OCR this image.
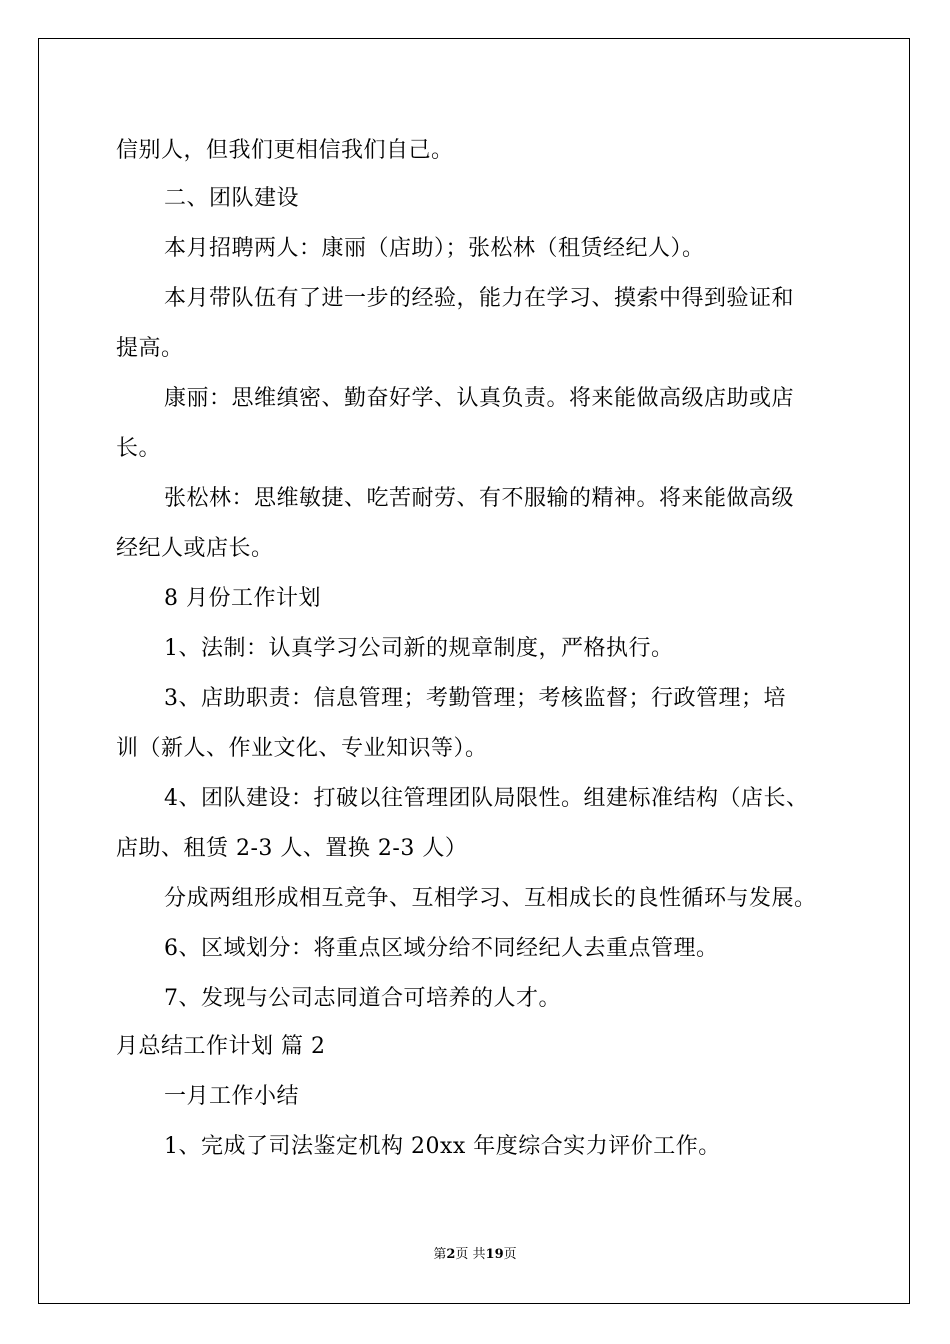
信别人，但我们更相信我们自己。
二、团队建设
本月招聘两人：康丽（店助）；张松林（租赁经纪人）。
本月带队伍有了进一步的经验，能力在学习、摸索中得到验证和
提高。
康丽：思维缜密、勤奋好学、认真负责。将来能做高级店助或店
长。
张松林：思维敏捷、吃苦耐劳、有不服输的精神。将来能做高级
经纪人或店长。
8 月份工作计划
1、法制：认真学习公司新的规章制度，严格执行。
3、店助职责：信息管理；考勤管理；考核监督；行政管理；培
训（新人、作业文化、专业知识等）。
4、团队建设：打破以往管理团队局限性。组建标准结构（店长、
店助、租赁 2-3 人、置换 2-3 人）
分成两组形成相互竞争、互相学习、互相成长的良性循环与发展。
6、区域划分：将重点区域分给不同经纪人去重点管理。
7、发现与公司志同道合可培养的人才。
月总结工作计划 篇 2
一月工作小结
1、完成了司法鉴定机构 20xx 年度综合实力评价工作。
第2页 共19页
